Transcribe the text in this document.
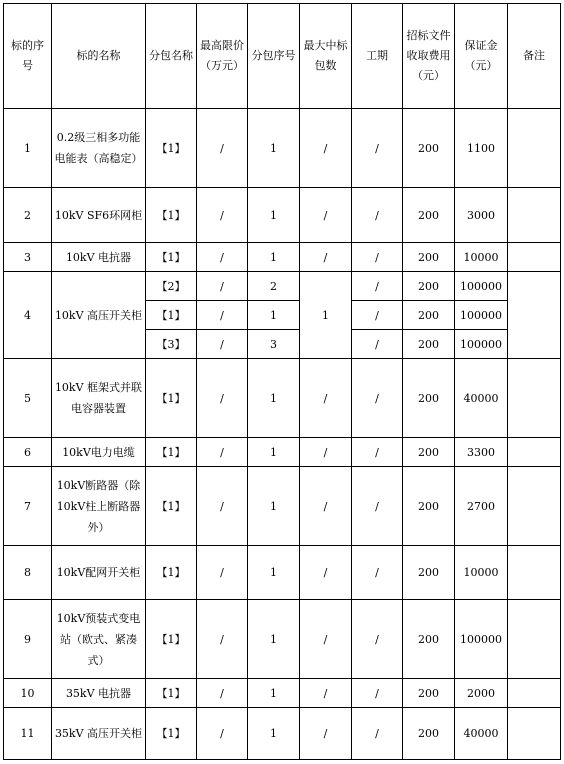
标的序号	标的名称	分包名称	最高限价（万元）	分包序号	最大中标包数	工期	招标文件收取费用（元）	保证金（元）	备注
1	0.2级三相多功能电能表（高稳定）	【1】	/	1	/	/	200	1100	
2	10kV SF6环网柜	【1】	/	1	/	/	200	3000	
3	10kV 电抗器	【1】	/	1	/	/	200	10000	
4	10kV 高压开关柜	【2】	/	2	1	/	200	100000	
		【1】	/	1		/	200	100000	
		【3】	/	3		/	200	100000	
5	10kV 框架式并联电容器装置	【1】	/	1	/	/	200	40000	
6	10kV电力电缆	【1】	/	1	/	/	200	3300	
7	10kV断路器（除10kV柱上断路器外）	【1】	/	1	/	/	200	2700	
8	10kV配网开关柜	【1】	/	1	/	/	200	10000	
9	10kV预装式变电站（欧式、紧凑式）	【1】	/	1	/	/	200	100000	
10	35kV 电抗器	【1】	/	1	/	/	200	2000	
11	35kV 高压开关柜	【1】	/	1	/	/	200	40000	
